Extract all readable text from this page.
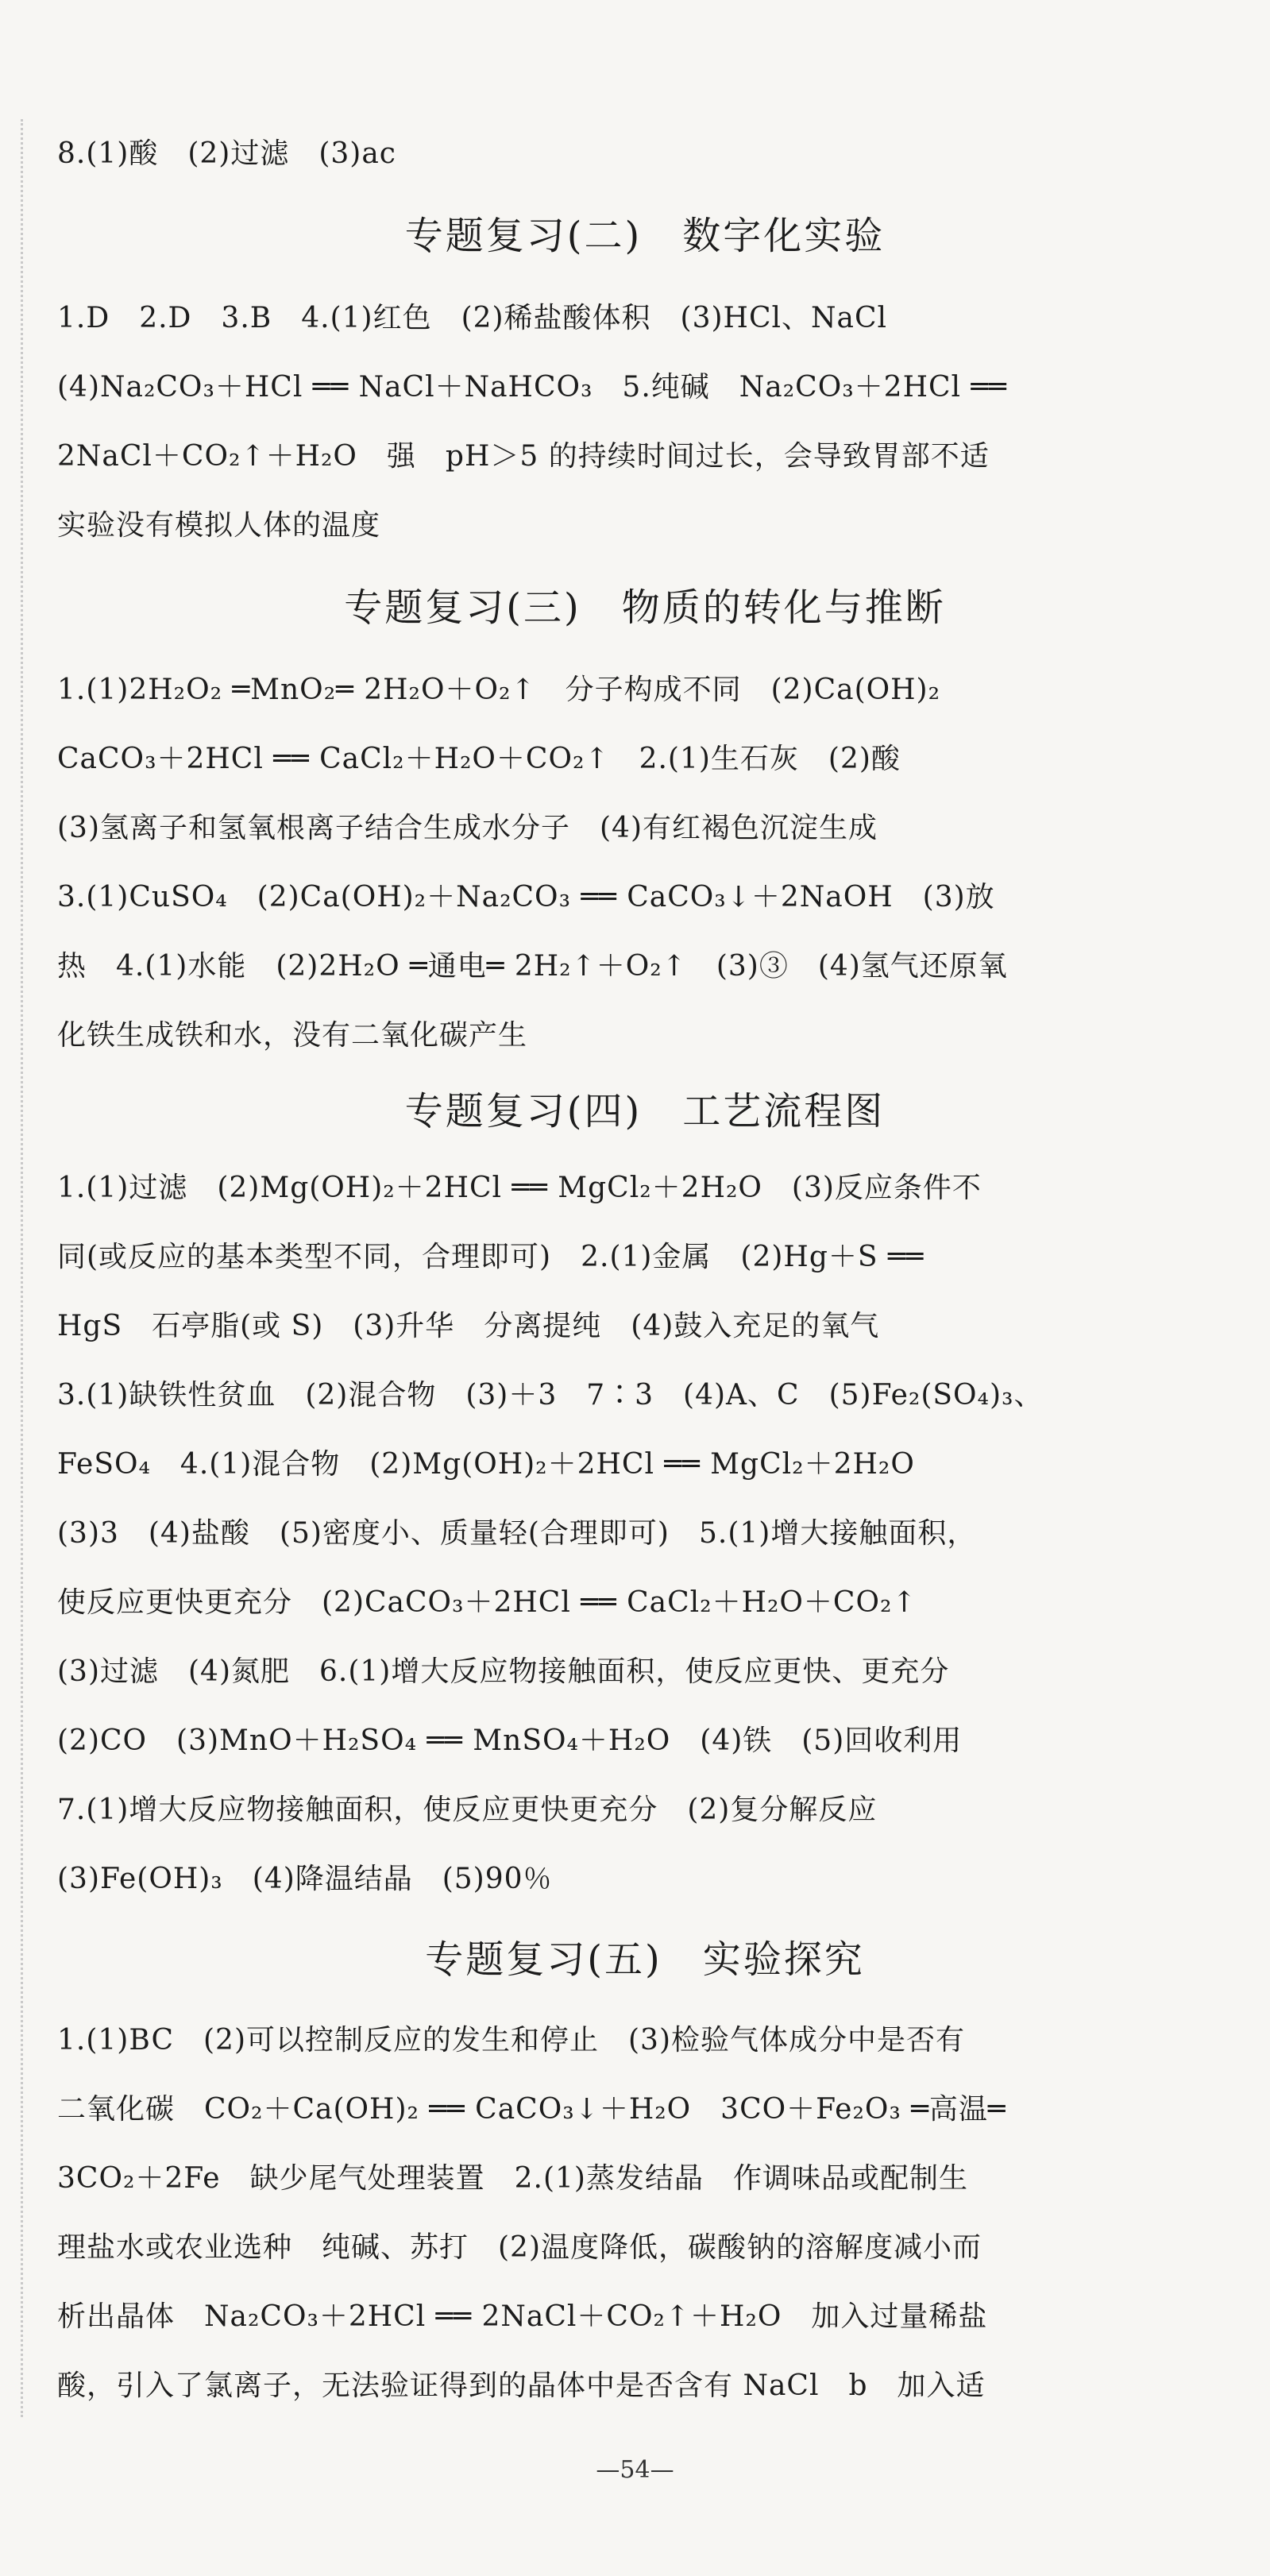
8.(1)酸　(2)过滤　(3)ac
专题复习(二)　数字化实验
1.D　2.D　3.B　4.(1)红色　(2)稀盐酸体积　(3)HCl、NaCl
(4)Na₂CO₃＋HCl ══ NaCl＋NaHCO₃　5.纯碱　Na₂CO₃＋2HCl ══
2NaCl＋CO₂↑＋H₂O　强　pH＞5 的持续时间过长，会导致胃部不适
实验没有模拟人体的温度
专题复习(三)　物质的转化与推断
1.(1)2H₂O₂ ═MnO₂═ 2H₂O＋O₂↑　分子构成不同　(2)Ca(OH)₂
CaCO₃＋2HCl ══ CaCl₂＋H₂O＋CO₂↑　2.(1)生石灰　(2)酸
(3)氢离子和氢氧根离子结合生成水分子　(4)有红褐色沉淀生成
3.(1)CuSO₄　(2)Ca(OH)₂＋Na₂CO₃ ══ CaCO₃↓＋2NaOH　(3)放
热　4.(1)水能　(2)2H₂O ═通电═ 2H₂↑＋O₂↑　(3)③　(4)氢气还原氧
化铁生成铁和水，没有二氧化碳产生
专题复习(四)　工艺流程图
1.(1)过滤　(2)Mg(OH)₂＋2HCl ══ MgCl₂＋2H₂O　(3)反应条件不
同(或反应的基本类型不同，合理即可)　2.(1)金属　(2)Hg＋S ══
HgS　石亭脂(或 S)　(3)升华　分离提纯　(4)鼓入充足的氧气
3.(1)缺铁性贫血　(2)混合物　(3)＋3　7∶3　(4)A、C　(5)Fe₂(SO₄)₃、
FeSO₄　4.(1)混合物　(2)Mg(OH)₂＋2HCl ══ MgCl₂＋2H₂O
(3)3　(4)盐酸　(5)密度小、质量轻(合理即可)　5.(1)增大接触面积，
使反应更快更充分　(2)CaCO₃＋2HCl ══ CaCl₂＋H₂O＋CO₂↑
(3)过滤　(4)氮肥　6.(1)增大反应物接触面积，使反应更快、更充分
(2)CO　(3)MnO＋H₂SO₄ ══ MnSO₄＋H₂O　(4)铁　(5)回收利用
7.(1)增大反应物接触面积，使反应更快更充分　(2)复分解反应
(3)Fe(OH)₃　(4)降温结晶　(5)90％
专题复习(五)　实验探究
1.(1)BC　(2)可以控制反应的发生和停止　(3)检验气体成分中是否有
二氧化碳　CO₂＋Ca(OH)₂ ══ CaCO₃↓＋H₂O　3CO＋Fe₂O₃ ═高温═
3CO₂＋2Fe　缺少尾气处理装置　2.(1)蒸发结晶　作调味品或配制生
理盐水或农业选种　纯碱、苏打　(2)温度降低，碳酸钠的溶解度减小而
析出晶体　Na₂CO₃＋2HCl ══ 2NaCl＋CO₂↑＋H₂O　加入过量稀盐
酸，引入了氯离子，无法验证得到的晶体中是否含有 NaCl　b　加入适
—54—
